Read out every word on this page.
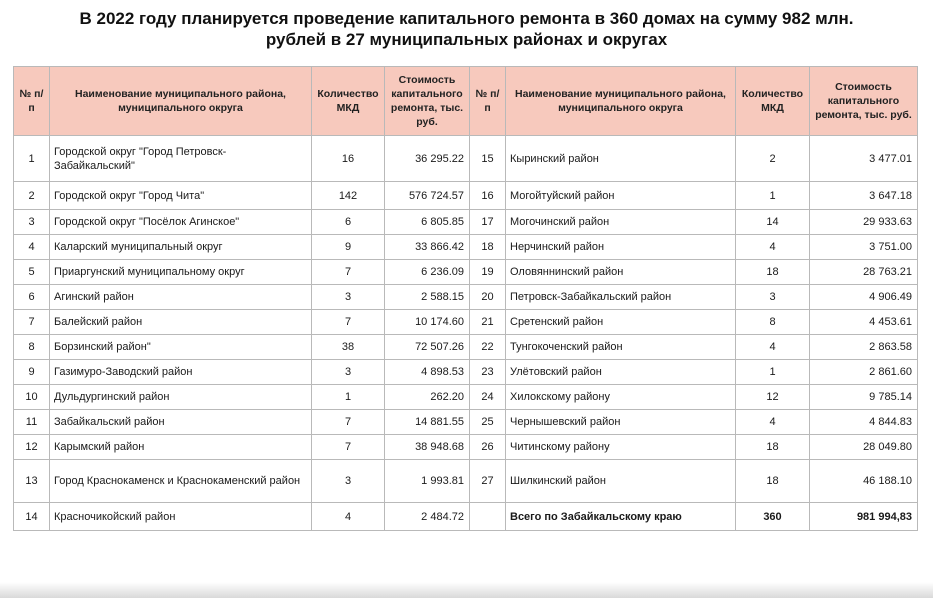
В 2022 году планируется проведение капитального ремонта в 360 домах на сумму 982 млн.
рублей в 27 муниципальных районах и округах
№ п/п	Наименование муниципального района, муниципального округа	Количество МКД	Стоимость капитального ремонта, тыс. руб.	№ п/п	Наименование муниципального района, муниципального округа	Количество МКД	Стоимость капитального ремонта, тыс. руб.
1	Городской округ "Город Петровск-Забайкальский"	16	36 295.22	15	Кыринский район	2	3 477.01
2	Городской округ "Город Чита"	142	576 724.57	16	Могойтуйский район	1	3 647.18
3	Городской округ "Посёлок Агинское"	6	6 805.85	17	Могочинский район	14	29 933.63
4	Каларский муниципальный округ	9	33 866.42	18	Нерчинский район	4	3 751.00
5	Приаргунский муниципальному округ	7	6 236.09	19	Оловяннинский район	18	28 763.21
6	Агинский район	3	2 588.15	20	Петровск-Забайкальский район	3	4 906.49
7	Балейский район	7	10 174.60	21	Сретенский район	8	4 453.61
8	Борзинский район"	38	72 507.26	22	Тунгокоченский район	4	2 863.58
9	Газимуро-Заводский район	3	4 898.53	23	Улётовский район	1	2 861.60
10	Дульдургинский район	1	262.20	24	Хилокскому району	12	9 785.14
11	Забайкальский район	7	14 881.55	25	Чернышевский район	4	4 844.83
12	Карымский район	7	38 948.68	26	Читинскому району	18	28 049.80
13	Город Краснокаменск и Краснокаменский район	3	1 993.81	27	Шилкинский район	18	46 188.10
14	Красночикойский район	4	2 484.72		Всего по Забайкальскому краю	360	981 994,83
